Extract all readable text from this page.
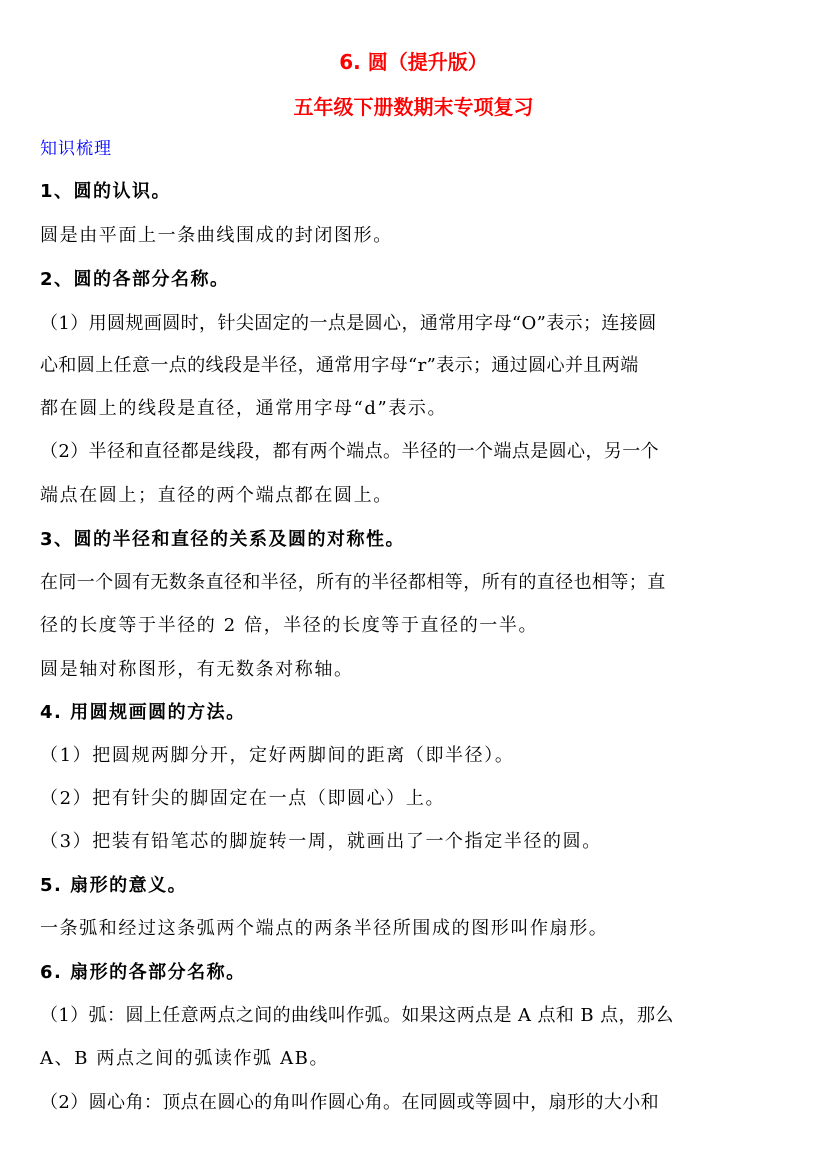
6. 圆（提升版）
五年级下册数期末专项复习
知识梳理
1、圆的认识。
圆是由平面上一条曲线围成的封闭图形。
2、圆的各部分名称。
（1）用圆规画圆时，针尖固定的一点是圆心，通常用字母“O”表示；连接圆
心和圆上任意一点的线段是半径，通常用字母“r”表示；通过圆心并且两端
都在圆上的线段是直径，通常用字母“d”表示。
（2）半径和直径都是线段，都有两个端点。半径的一个端点是圆心，另一个
端点在圆上；直径的两个端点都在圆上。
3、圆的半径和直径的关系及圆的对称性。
在同一个圆有无数条直径和半径，所有的半径都相等，所有的直径也相等；直
径的长度等于半径的 2 倍，半径的长度等于直径的一半。
圆是轴对称图形，有无数条对称轴。
4. 用圆规画圆的方法。
（1）把圆规两脚分开，定好两脚间的距离（即半径）。
（2）把有针尖的脚固定在一点（即圆心）上。
（3）把装有铅笔芯的脚旋转一周，就画出了一个指定半径的圆。
5. 扇形的意义。
一条弧和经过这条弧两个端点的两条半径所围成的图形叫作扇形。
6. 扇形的各部分名称。
（1）弧：圆上任意两点之间的曲线叫作弧。如果这两点是 A 点和 B 点，那么
A、B 两点之间的弧读作弧 AB。
（2）圆心角：顶点在圆心的角叫作圆心角。在同圆或等圆中，扇形的大小和
